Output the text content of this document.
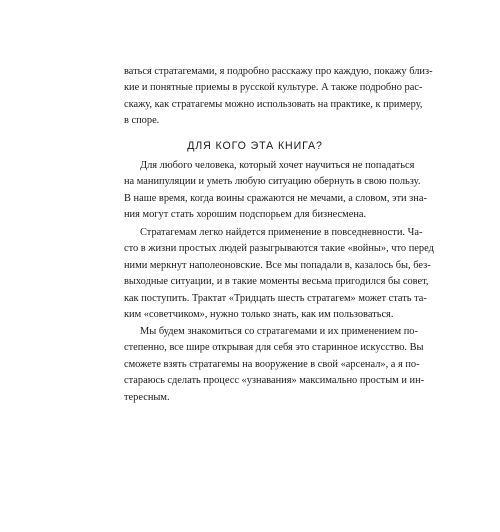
ваться стратагемами, я подробно расскажу про каждую, покажу близ-
кие и понятные приемы в русской культуре. А также подробно рас-
скажу, как стратагемы можно использовать на практике, к примеру,
в споре.
ДЛЯ КОГО ЭТА КНИГА?
Для любого человека, который хочет научиться не попадаться
на манипуляции и уметь любую ситуацию обернуть в свою пользу.
В наше время, когда воины сражаются не мечами, а словом, эти зна-
ния могут стать хорошим подспорьем для бизнесмена.
Стратагемам легко найдется применение в повседневности. Ча-
сто в жизни простых людей разыгрываются такие «войны», что перед
ними меркнут наполеоновские. Все мы попадали в, казалось бы, без-
выходные ситуации, и в такие моменты весьма пригодился бы совет,
как поступить. Трактат «Тридцать шесть стратагем» может стать та-
ким «советчиком», нужно только знать, как им пользоваться.
Мы будем знакомиться со стратагемами и их применением по-
степенно, все шире открывая для себя это старинное искусство. Вы
сможете взять стратагемы на вооружение в свой «арсенал», а я по-
стараюсь сделать процесс «узнавания» максимально простым и ин-
тересным.
